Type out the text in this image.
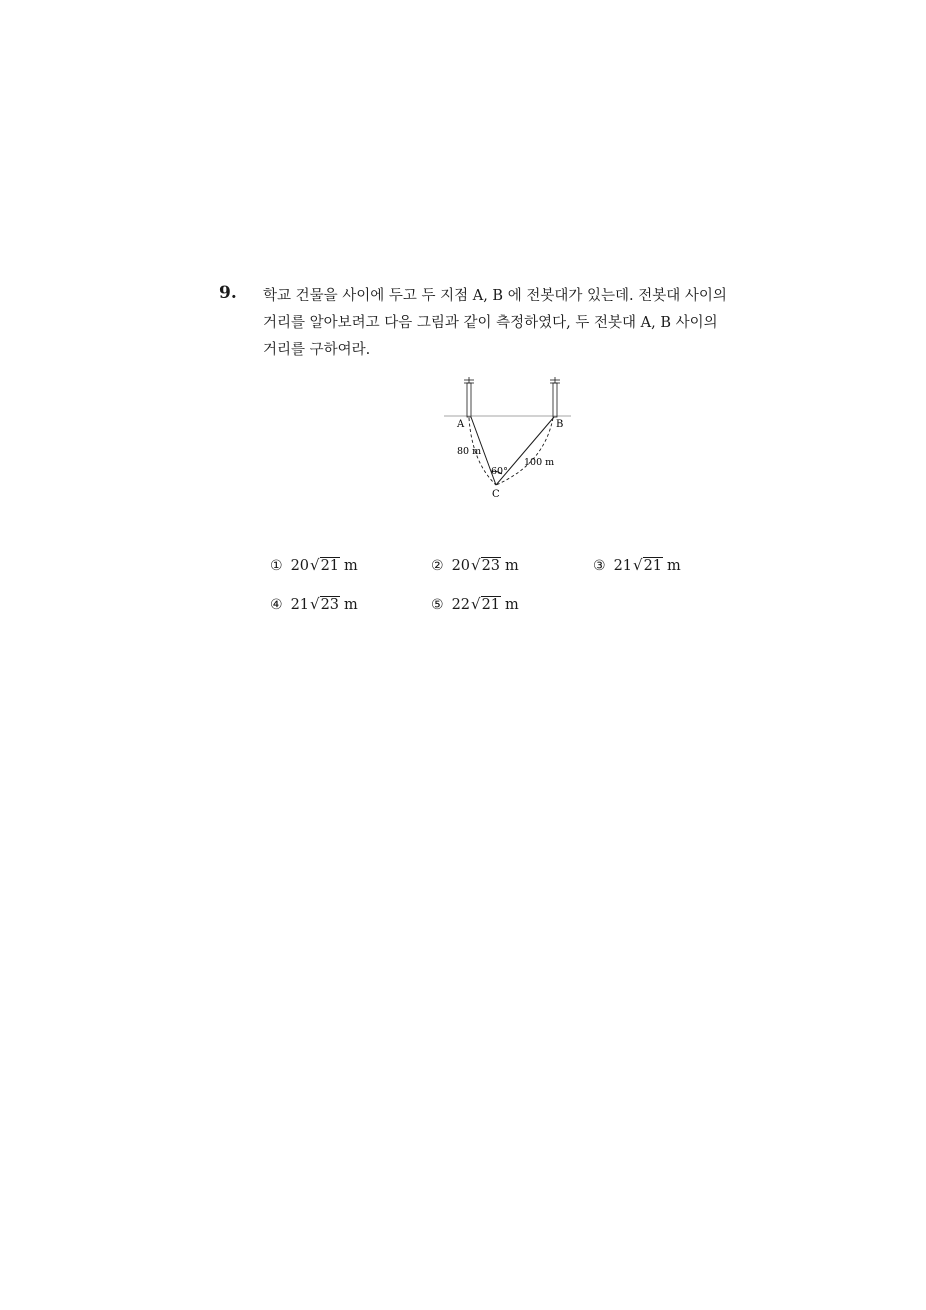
9. 학교 건물을 사이에 두고 두 지점 A, B 에 전봇대가 있는데. 전봇대 사이의
거리를 알아보려고 다음 그림과 같이 측정하였다, 두 전봇대 A, B 사이의
거리를 구하여라.
A	B
C
80 m
100 m
60°
① 20 √ 21 m	② 20 √ 23 m	③ 21 √ 21 m
④ 21 √ 23 m	⑤ 22 √ 21 m
